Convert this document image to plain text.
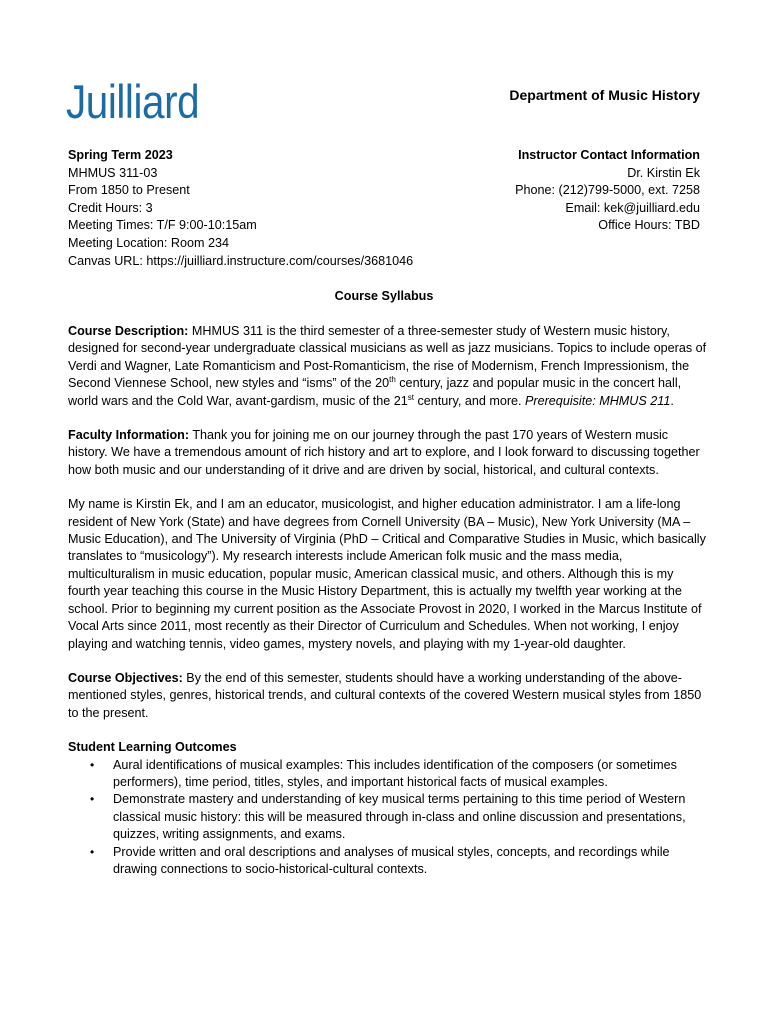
Juilliard	Department of Music History
Spring Term 2023
MHMUS 311-03
From 1850 to Present
Credit Hours: 3
Meeting Times: T/F 9:00-10:15am
Meeting Location: Room 234
Canvas URL: https://juilliard.instructure.com/courses/3681046
Instructor Contact Information
Dr. Kirstin Ek
Phone: (212)799-5000, ext. 7258
Email: kek@juilliard.edu
Office Hours: TBD
Course Syllabus

Course Description: MHMUS 311 is the third semester of a three-semester study of Western music history, designed for second-year undergraduate classical musicians as well as jazz musicians. Topics to include operas of Verdi and Wagner, Late Romanticism and Post-Romanticism, the rise of Modernism, French Impressionism, the Second Viennese School, new styles and “isms” of the 20th century, jazz and popular music in the concert hall, world wars and the Cold War, avant-gardism, music of the 21st century, and more. Prerequisite: MHMUS 211.

Faculty Information: Thank you for joining me on our journey through the past 170 years of Western music history. We have a tremendous amount of rich history and art to explore, and I look forward to discussing together how both music and our understanding of it drive and are driven by social, historical, and cultural contexts.

My name is Kirstin Ek, and I am an educator, musicologist, and higher education administrator. I am a life-long resident of New York (State) and have degrees from Cornell University (BA – Music), New York University (MA – Music Education), and The University of Virginia (PhD – Critical and Comparative Studies in Music, which basically translates to “musicology”). My research interests include American folk music and the mass media, multiculturalism in music education, popular music, American classical music, and others. Although this is my fourth year teaching this course in the Music History Department, this is actually my twelfth year working at the school. Prior to beginning my current position as the Associate Provost in 2020, I worked in the Marcus Institute of Vocal Arts since 2011, most recently as their Director of Curriculum and Schedules. When not working, I enjoy playing and watching tennis, video games, mystery novels, and playing with my 1-year-old daughter.

Course Objectives: By the end of this semester, students should have a working understanding of the above-mentioned styles, genres, historical trends, and cultural contexts of the covered Western musical styles from 1850 to the present.

Student Learning Outcomes
• Aural identifications of musical examples: This includes identification of the composers (or sometimes performers), time period, titles, styles, and important historical facts of musical examples.
• Demonstrate mastery and understanding of key musical terms pertaining to this time period of Western classical music history: this will be measured through in-class and online discussion and presentations, quizzes, writing assignments, and exams.
• Provide written and oral descriptions and analyses of musical styles, concepts, and recordings while drawing connections to socio-historical-cultural contexts.
